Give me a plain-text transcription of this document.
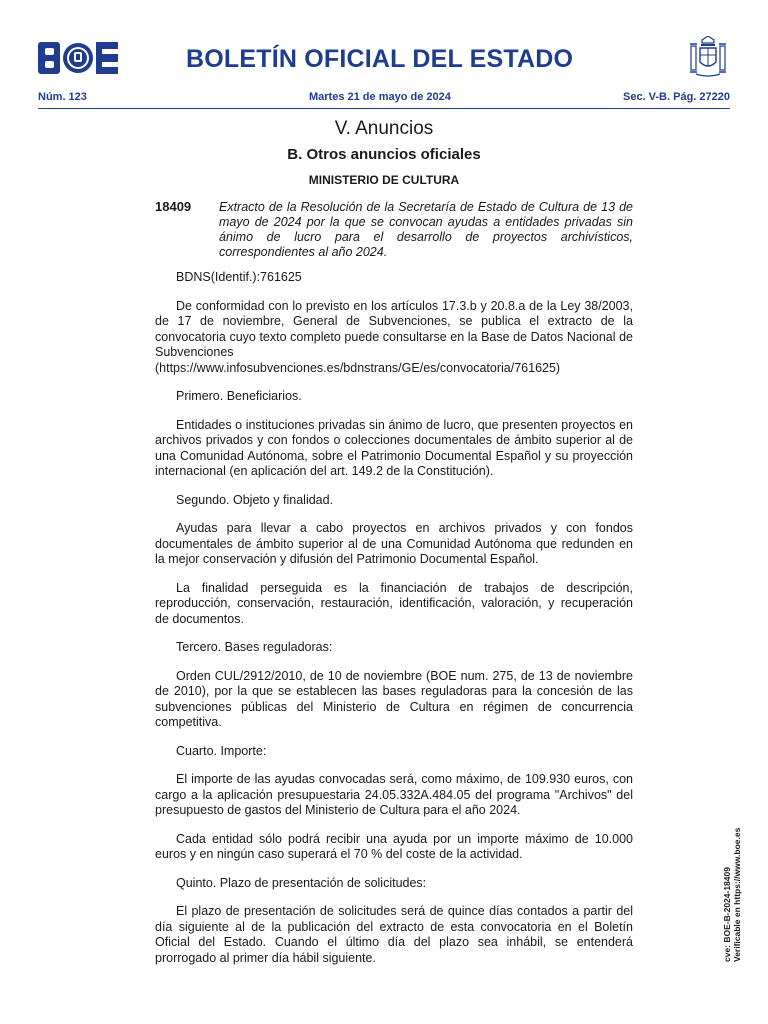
BOLETÍN OFICIAL DEL ESTADO
Núm. 123	Martes 21 de mayo de 2024	Sec. V-B. Pág. 27220
V. Anuncios
B. Otros anuncios oficiales
MINISTERIO DE CULTURA
18409 Extracto de la Resolución de la Secretaría de Estado de Cultura de 13 de mayo de 2024 por la que se convocan ayudas a entidades privadas sin ánimo de lucro para el desarrollo de proyectos archivísticos, correspondientes al año 2024.

BDNS(Identif.):761625

De conformidad con lo previsto en los artículos 17.3.b y 20.8.a de la Ley 38/2003, de 17 de noviembre, General de Subvenciones, se publica el extracto de la convocatoria cuyo texto completo puede consultarse en la Base de Datos Nacional de Subvenciones (https://www.infosubvenciones.es/bdnstrans/GE/es/convocatoria/761625)

Primero. Beneficiarios.

Entidades o instituciones privadas sin ánimo de lucro, que presenten proyectos en archivos privados y con fondos o colecciones documentales de ámbito superior al de una Comunidad Autónoma, sobre el Patrimonio Documental Español y su proyección internacional (en aplicación del art. 149.2 de la Constitución).

Segundo. Objeto y finalidad.

Ayudas para llevar a cabo proyectos en archivos privados y con fondos documentales de ámbito superior al de una Comunidad Autónoma que redunden en la mejor conservación y difusión del Patrimonio Documental Español.

La finalidad perseguida es la financiación de trabajos de descripción, reproducción, conservación, restauración, identificación, valoración, y recuperación de documentos.

Tercero. Bases reguladoras:

Orden CUL/2912/2010, de 10 de noviembre (BOE num. 275, de 13 de noviembre de 2010), por la que se establecen las bases reguladoras para la concesión de las subvenciones públicas del Ministerio de Cultura en régimen de concurrencia competitiva.

Cuarto. Importe:

El importe de las ayudas convocadas será, como máximo, de 109.930 euros, con cargo a la aplicación presupuestaria 24.05.332A.484.05 del programa "Archivos" del presupuesto de gastos del Ministerio de Cultura para el año 2024.

Cada entidad sólo podrá recibir una ayuda por un importe máximo de 10.000 euros y en ningún caso superará el 70 % del coste de la actividad.

Quinto. Plazo de presentación de solicitudes:

El plazo de presentación de solicitudes será de quince días contados a partir del día siguiente al de la publicación del extracto de esta convocatoria en el Boletín Oficial del Estado. Cuando el último día del plazo sea inhábil, se entenderá prorrogado al primer día hábil siguiente.	cve: BOE-B-2024-18409 Verificable en https://www.boe.es
